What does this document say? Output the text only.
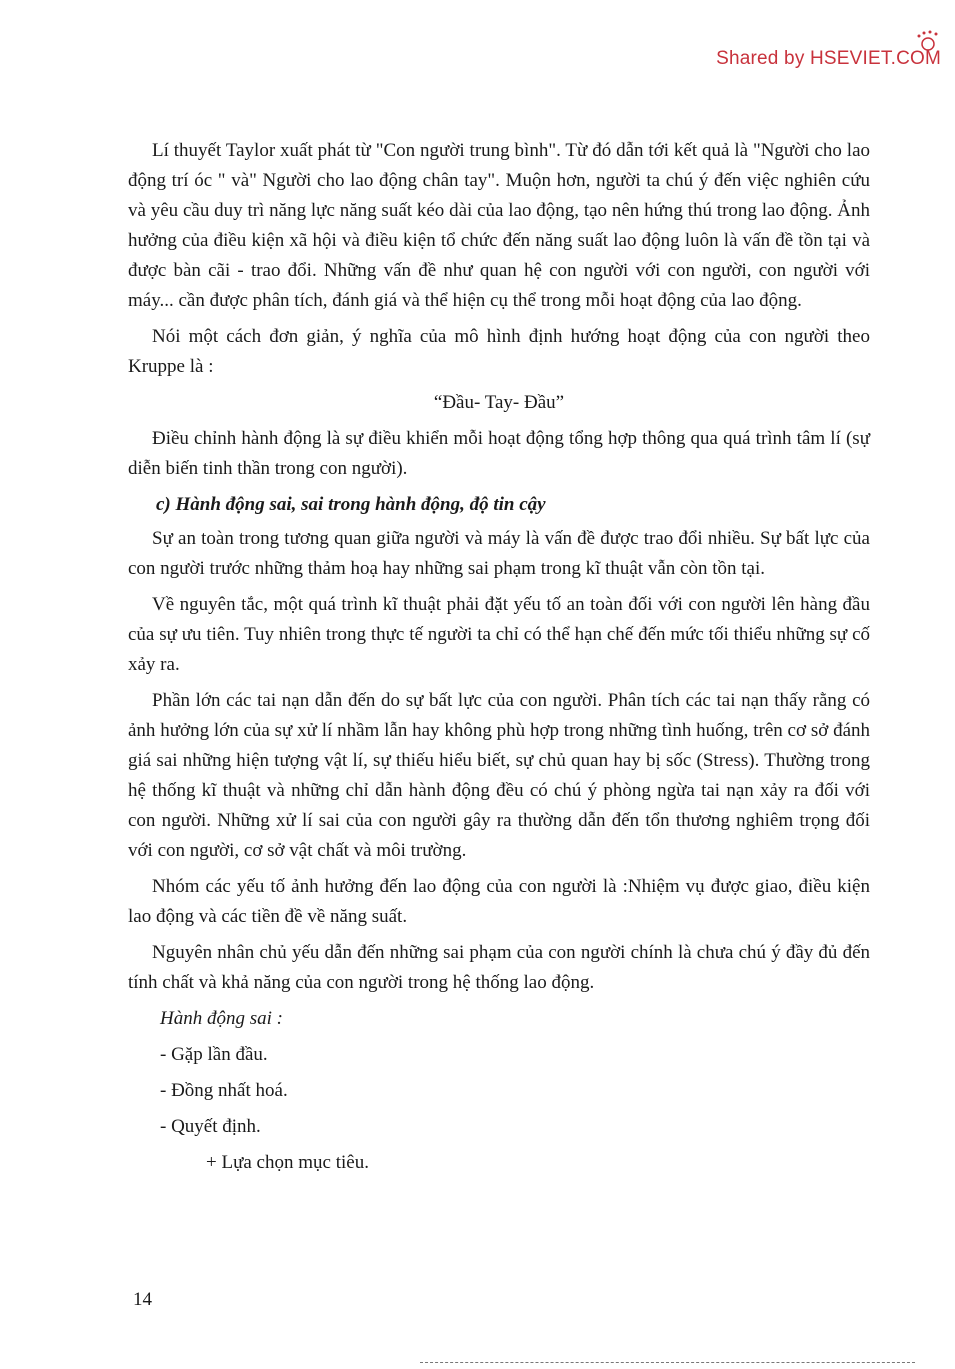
Shared by HSEVIET.COM

Lí thuyết Taylor xuất phát từ "Con người trung bình". Từ đó dẫn tới kết quả là "Người cho lao động trí óc " và" Người cho lao động chân tay". Muộn hơn, người ta chú ý đến việc nghiên cứu và yêu cầu duy trì năng lực năng suất kéo dài của lao động, tạo nên hứng thú trong lao động. Ảnh hưởng của điều kiện xã hội và điều kiện tổ chức đến năng suất lao động luôn là vấn đề tồn tại và được bàn cãi - trao đổi. Những vấn đề như quan hệ con người với con người, con người với máy... cần được phân tích, đánh giá và thể hiện cụ thể trong mỗi hoạt động của lao động.

Nói một cách đơn giản, ý nghĩa của mô hình định hướng hoạt động của con người theo Kruppe là :

“Đầu- Tay- Đầu”

Điều chỉnh hành động là sự điều khiển mỗi hoạt động tổng hợp thông qua quá trình tâm lí (sự diễn biến tinh thần trong con người).

c) Hành động sai, sai trong hành động, độ tin cậy

Sự an toàn trong tương quan giữa người và máy là vấn đề được trao đổi nhiều. Sự bất lực của con người trước những thảm hoạ hay những sai phạm trong kĩ thuật vẫn còn tồn tại.

Về nguyên tắc, một quá trình kĩ thuật phải đặt yếu tố an toàn đối với con người lên hàng đầu của sự ưu tiên. Tuy nhiên trong thực tế người ta chỉ có thể hạn chế đến mức tối thiểu những sự cố xảy ra.

Phần lớn các tai nạn dẫn đến do sự bất lực của con người. Phân tích các tai nạn thấy rằng có ảnh hưởng lớn của sự xử lí nhầm lẫn hay không phù hợp trong những tình huống, trên cơ sở đánh giá sai những hiện tượng vật lí, sự thiếu hiểu biết, sự chủ quan hay bị sốc (Stress). Thường trong hệ thống kĩ thuật và những chỉ dẫn hành động đều có chú ý phòng ngừa tai nạn xảy ra đối với con người. Những xử lí sai của con người gây ra thường dẫn đến tổn thương nghiêm trọng đối với con người, cơ sở vật chất và môi trường.

Nhóm các yếu tố ảnh hưởng đến lao động của con người là :Nhiệm vụ được giao, điều kiện lao động và các tiền đề về năng suất.

Nguyên nhân chủ yếu dẫn đến những sai phạm của con người chính là chưa chú ý đầy đủ đến tính chất và khả năng của con người trong hệ thống lao động.

Hành động sai :
- Gặp lần đầu.
- Đồng nhất hoá.
- Quyết định.
+ Lựa chọn mục tiêu.
14
